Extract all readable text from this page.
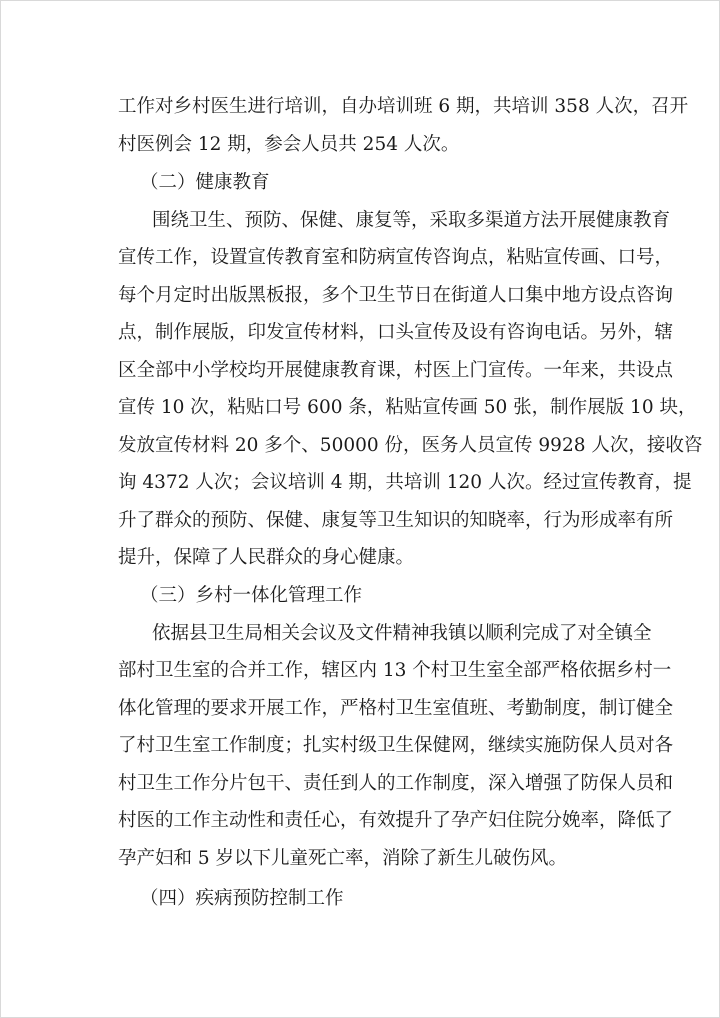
工作对乡村医生进行培训，自办培训班 6 期，共培训 358 人次，召开
村医例会 12 期，参会人员共 254 人次。
（二）健康教育
围绕卫生、预防、保健、康复等，采取多渠道方法开展健康教育
宣传工作，设置宣传教育室和防病宣传咨询点，粘贴宣传画、口号，
每个月定时出版黑板报，多个卫生节日在街道人口集中地方设点咨询
点，制作展版，印发宣传材料，口头宣传及设有咨询电话。另外，辖
区全部中小学校均开展健康教育课，村医上门宣传。一年来，共设点
宣传 10 次，粘贴口号 600 条，粘贴宣传画 50 张，制作展版 10 块，
发放宣传材料 20 多个、50000 份，医务人员宣传 9928 人次，接收咨
询 4372 人次；会议培训 4 期，共培训 120 人次。经过宣传教育，提
升了群众的预防、保健、康复等卫生知识的知晓率，行为形成率有所
提升，保障了人民群众的身心健康。
（三）乡村一体化管理工作
依据县卫生局相关会议及文件精神我镇以顺利完成了对全镇全
部村卫生室的合并工作，辖区内 13 个村卫生室全部严格依据乡村一
体化管理的要求开展工作，严格村卫生室值班、考勤制度，制订健全
了村卫生室工作制度；扎实村级卫生保健网，继续实施防保人员对各
村卫生工作分片包干、责任到人的工作制度，深入增强了防保人员和
村医的工作主动性和责任心，有效提升了孕产妇住院分娩率，降低了
孕产妇和 5 岁以下儿童死亡率，消除了新生儿破伤风。
（四）疾病预防控制工作
